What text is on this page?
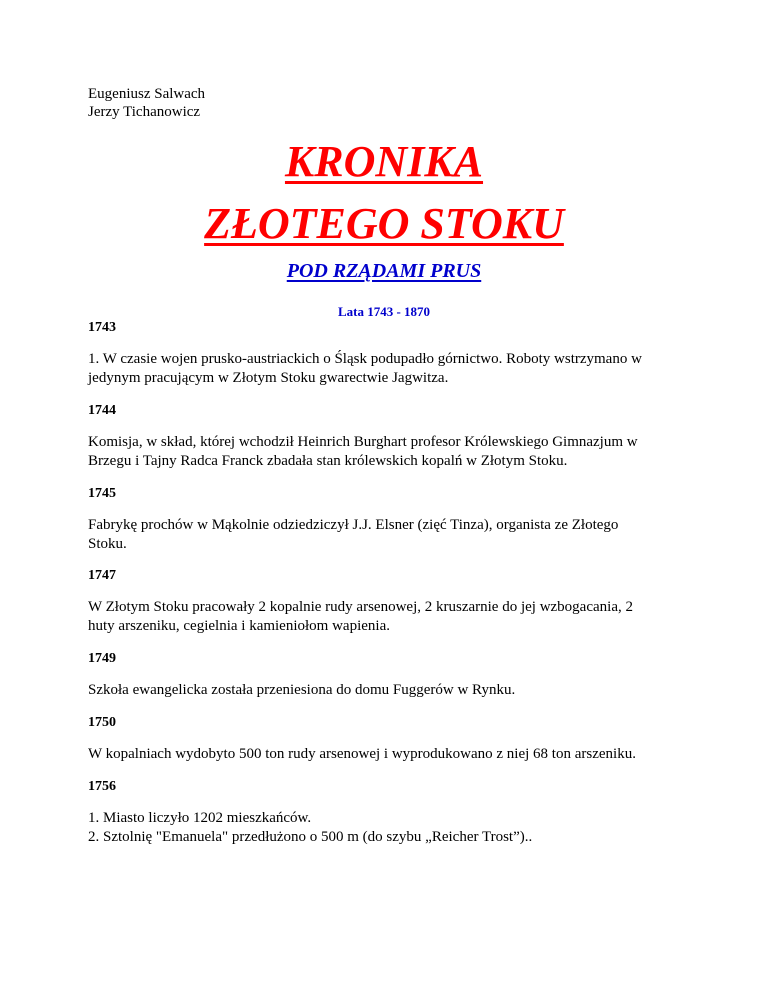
Eugeniusz Salwach
Jerzy Tichanowicz
KRONIKA
ZŁOTEGO STOKU
POD RZĄDAMI PRUS
Lata 1743 - 1870
1743
1. W czasie wojen prusko-austriackich o Śląsk podupadło górnictwo. Roboty wstrzymano w
jedynym pracującym w Złotym Stoku gwarectwie Jagwitza.
1744
Komisja, w skład, której wchodził Heinrich Burghart profesor Królewskiego Gimnazjum w
Brzegu i Tajny Radca Franck zbadała stan królewskich kopalń w Złotym Stoku.
1745
Fabrykę prochów w Mąkolnie odziedziczył J.J. Elsner (zięć Tinza), organista ze Złotego
Stoku.
1747
W Złotym Stoku pracowały 2 kopalnie rudy arsenowej, 2 kruszarnie do jej wzbogacania, 2
huty arszeniku, cegielnia i kamieniołom wapienia.
1749
Szkoła ewangelicka została przeniesiona do domu Fuggerów w Rynku.
1750
W kopalniach wydobyto 500 ton rudy arsenowej i wyprodukowano z niej 68 ton arszeniku.
1756
1. Miasto liczyło 1202 mieszkańców.
2. Sztolnię "Emanuela" przedłużono o 500 m (do szybu „Reicher Trost”)..
